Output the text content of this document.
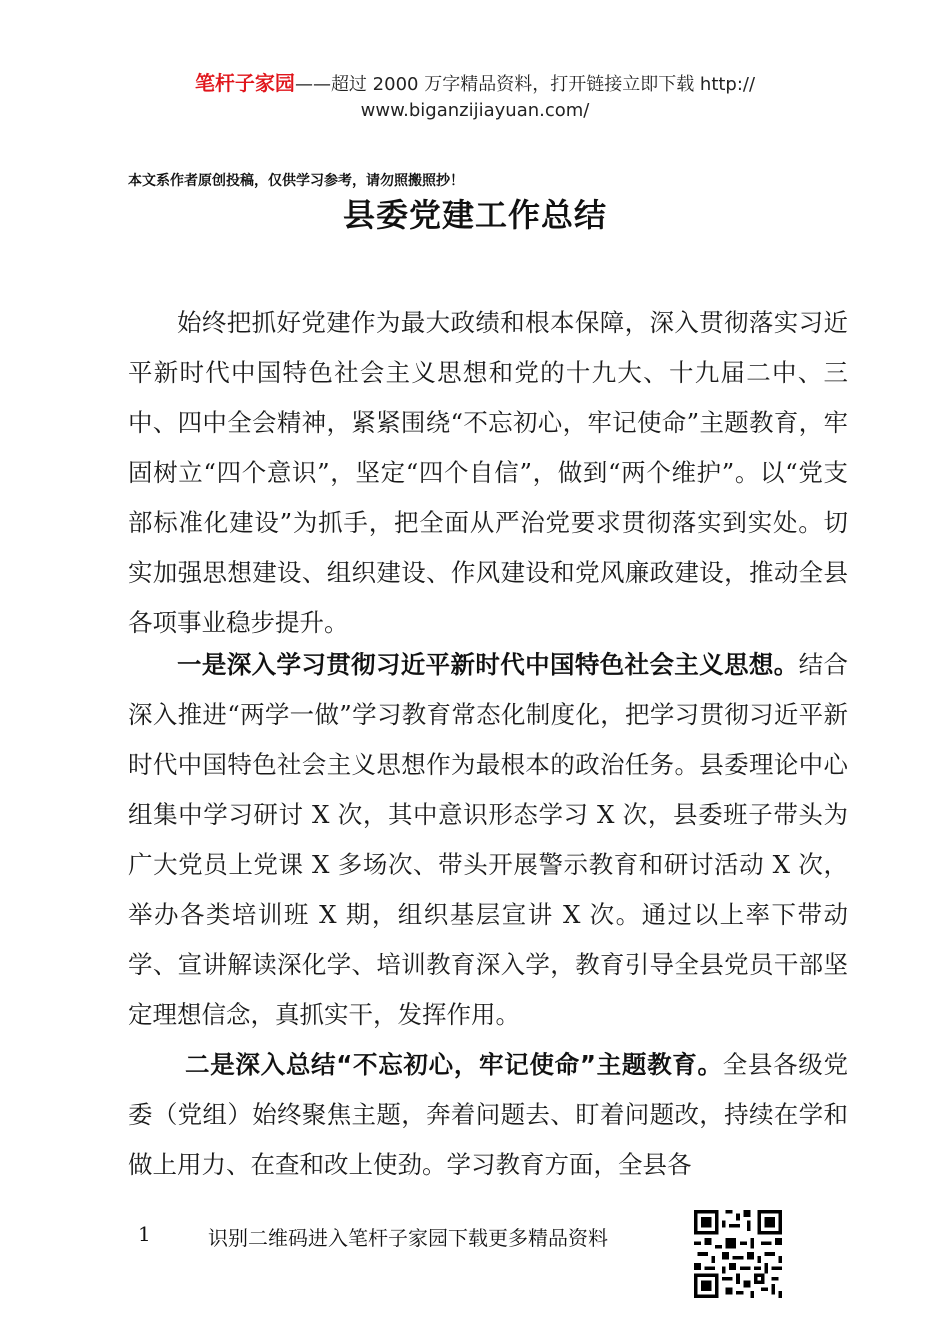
笔杆子家园——超过 2000 万字精品资料，打开链接立即下载 http://
www.biganzijiayuan.com/
本文系作者原创投稿，仅供学习参考，请勿照搬照抄！
县委党建工作总结

始终把抓好党建作为最大政绩和根本保障，深入贯彻落实习近平新时代中国特色社会主义思想和党的十九大、十九届二中、三中、四中全会精神，紧紧围绕“不忘初心，牢记使命”主题教育，牢固树立“四个意识”，坚定“四个自信”，做到“两个维护”。以“党支部标准化建设”为抓手，把全面从严治党要求贯彻落实到实处。切实加强思想建设、组织建设、作风建设和党风廉政建设，推动全县各项事业稳步提升。

一是深入学习贯彻习近平新时代中国特色社会主义思想。结合深入推进“两学一做”学习教育常态化制度化，把学习贯彻习近平新时代中国特色社会主义思想作为最根本的政治任务。县委理论中心组集中学习研讨 X 次，其中意识形态学习 X 次，县委班子带头为广大党员上党课 X 多场次、带头开展警示教育和研讨活动 X 次，举办各类培训班 X 期，组织基层宣讲 X 次。通过以上率下带动学、宣讲解读深化学、培训教育深入学，教育引导全县党员干部坚定理想信念，真抓实干，发挥作用。

二是深入总结“不忘初心，牢记使命”主题教育。全县各级党委（党组）始终聚焦主题，奔着问题去、盯着问题改，持续在学和做上用力、在查和改上使劲。学习教育方面，全县各

1	识别二维码进入笔杆子家园下载更多精品资料
